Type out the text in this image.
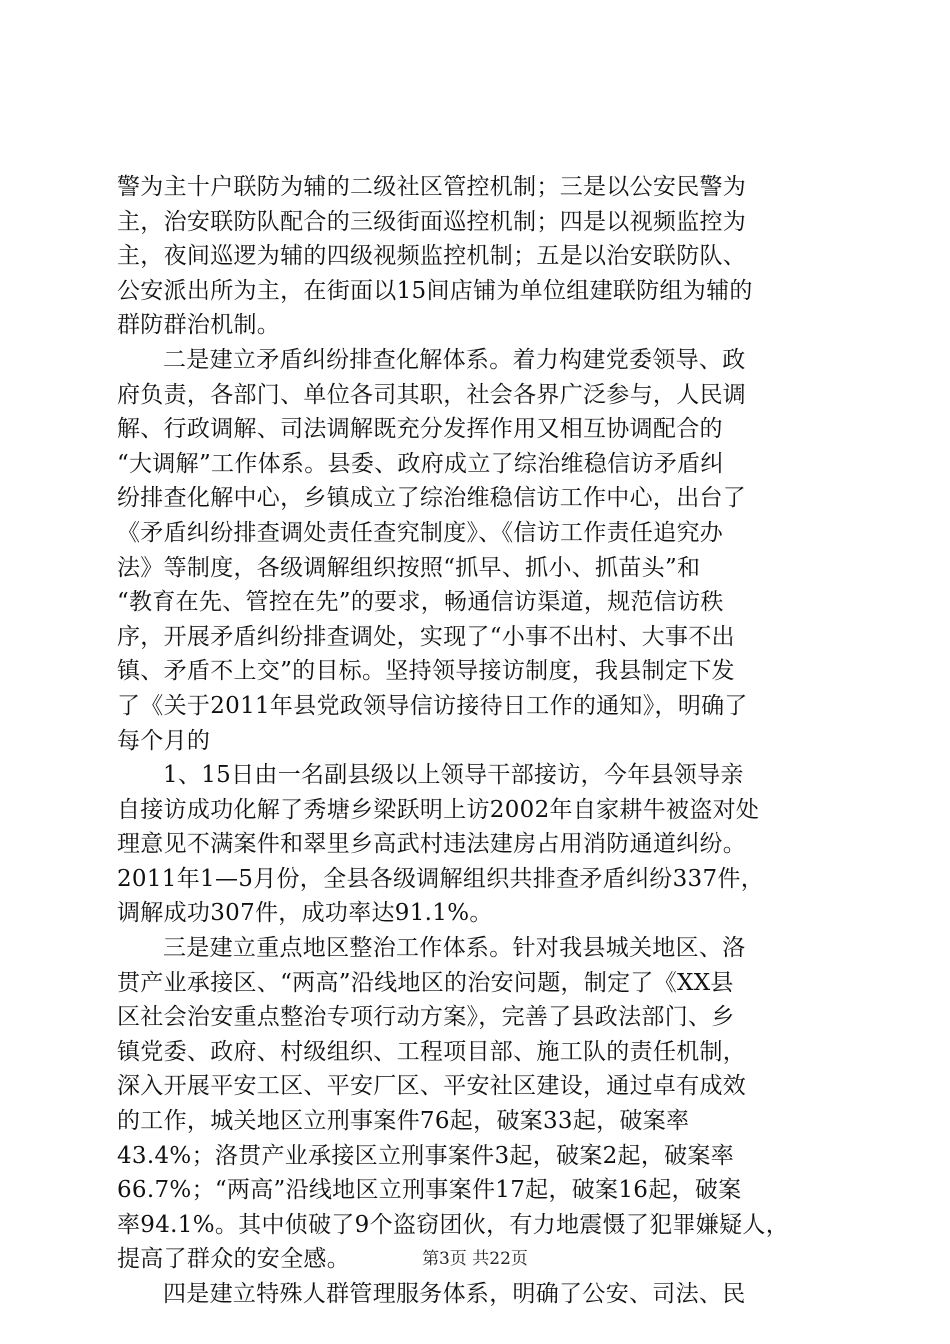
警为主十户联防为辅的二级社区管控机制；三是以公安民警为
主，治安联防队配合的三级街面巡控机制；四是以视频监控为
主，夜间巡逻为辅的四级视频监控机制；五是以治安联防队、
公安派出所为主，在街面以15间店铺为单位组建联防组为辅的
群防群治机制。
二是建立矛盾纠纷排查化解体系。着力构建党委领导、政
府负责，各部门、单位各司其职，社会各界广泛参与，人民调
解、行政调解、司法调解既充分发挥作用又相互协调配合的
“大调解”工作体系。县委、政府成立了综治维稳信访矛盾纠
纷排查化解中心，乡镇成立了综治维稳信访工作中心，出台了
《矛盾纠纷排查调处责任查究制度》、《信访工作责任追究办
法》等制度，各级调解组织按照“抓早、抓小、抓苗头”和
“教育在先、管控在先”的要求，畅通信访渠道，规范信访秩
序，开展矛盾纠纷排查调处，实现了“小事不出村、大事不出
镇、矛盾不上交”的目标。坚持领导接访制度，我县制定下发
了《关于2011年县党政领导信访接待日工作的通知》，明确了
每个月的
1、15日由一名副县级以上领导干部接访，今年县领导亲
自接访成功化解了秀塘乡梁跃明上访2002年自家耕牛被盗对处
理意见不满案件和翠里乡高武村违法建房占用消防通道纠纷。
2011年1—5月份，全县各级调解组织共排查矛盾纠纷337件，
调解成功307件，成功率达91.1%。
三是建立重点地区整治工作体系。针对我县城关地区、洛
贯产业承接区、“两高”沿线地区的治安问题，制定了《XX县
区社会治安重点整治专项行动方案》，完善了县政法部门、乡
镇党委、政府、村级组织、工程项目部、施工队的责任机制，
深入开展平安工区、平安厂区、平安社区建设，通过卓有成效
的工作，城关地区立刑事案件76起，破案33起，破案率
43.4%；洛贯产业承接区立刑事案件3起，破案2起，破案率
66.7%；“两高”沿线地区立刑事案件17起，破案16起，破案
率94.1%。其中侦破了9个盗窃团伙，有力地震慑了犯罪嫌疑人，
提高了群众的安全感。
四是建立特殊人群管理服务体系，明确了公安、司法、民
第3页 共22页
